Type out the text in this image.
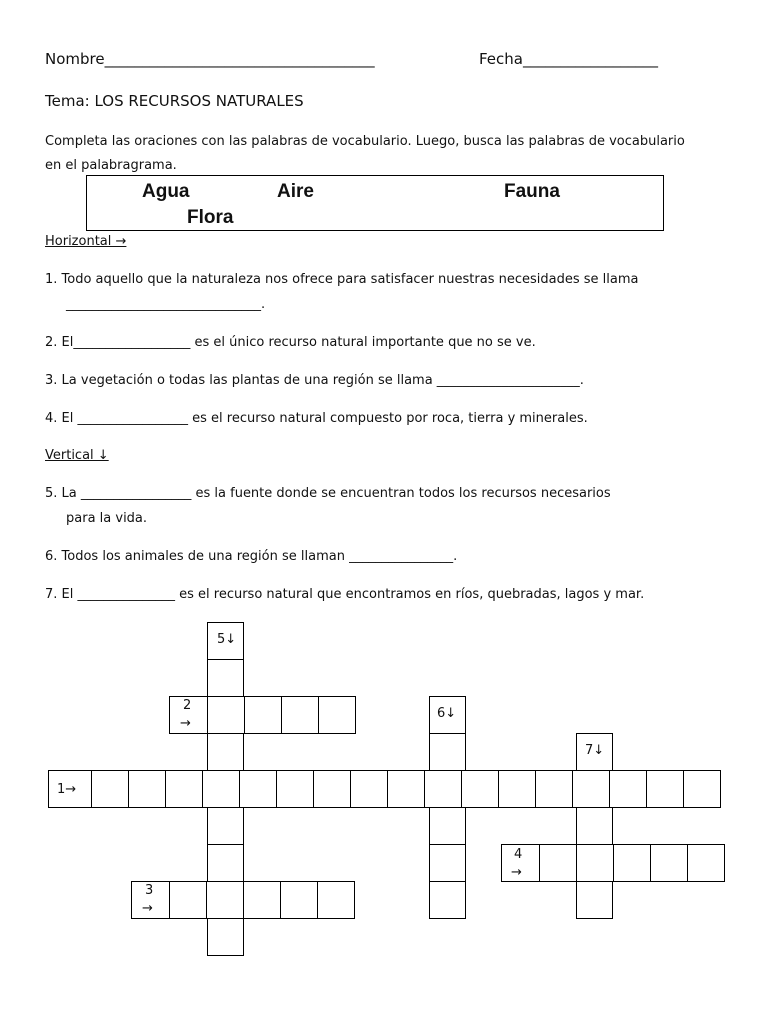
Nombre____________________________________	Fecha__________________
Tema: LOS RECURSOS NATURALES
Completa las oraciones con las palabras de vocabulario. Luego, busca las palabras de vocabulario
en el palabragrama.
Agua	Aire	Fauna
Flora
Horizontal →
1. Todo aquello que la naturaleza nos ofrece para satisfacer nuestras necesidades se llama
______________________________.
2. El__________________ es el único recurso natural importante que no se ve.
3. La vegetación o todas las plantas de una región se llama ______________________.
4. El _________________ es el recurso natural compuesto por roca, tierra y minerales.
Vertical ↓
5. La _________________ es la fuente donde se encuentran todos los recursos necesarios
para la vida.
6. Todos los animales de una región se llaman ________________.
7. El _______________ es el recurso natural que encontramos en ríos, quebradas, lagos y mar.
1→
2
→
3
→
4
→
5↓
6↓
7↓
